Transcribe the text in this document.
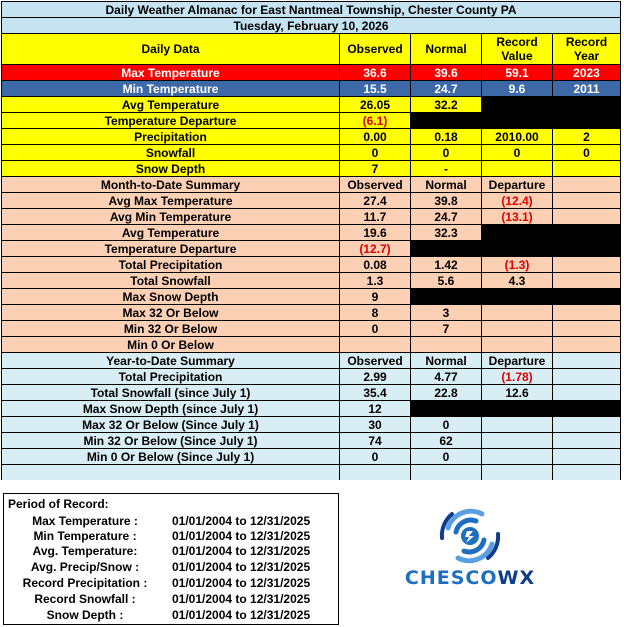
Daily Weather Almanac for East Nantmeal Township, Chester County PA				
Tuesday, February 10, 2026				
Daily Data	Observed	Normal	Record Value	Record Year
Max Temperature	36.6	39.6	59.1	2023
Min Temperature	15.5	24.7	9.6	2011
Avg Temperature	26.05	32.2		
Temperature Departure	(6.1)			
Precipitation	0.00	0.18	2010.00	2
Snowfall	0	0	0	0
Snow Depth	7	-		
Month-to-Date Summary	Observed	Normal	Departure	
Avg Max Temperature	27.4	39.8	(12.4)	
Avg Min Temperature	11.7	24.7	(13.1)	
Avg Temperature	19.6	32.3		
Temperature Departure	(12.7)			
Total Precipitation	0.08	1.42	(1.3)	
Total Snowfall	1.3	5.6	4.3	
Max Snow Depth	9			
Max 32 Or Below	8	3		
Min 32 Or Below	0	7		
Min 0 Or Below				
Year-to-Date Summary	Observed	Normal	Departure	
Total Precipitation	2.99	4.77	(1.78)	
Total Snowfall (since July 1)	35.4	22.8	12.6	
Max Snow Depth (since July 1)	12			
Max 32 Or Below (Since July 1)	30	0		
Min 32 Or Below (Since July 1)	74	62		
Min 0 Or Below (Since July 1)	0	0		

Period of Record:
Max Temperature :	01/01/2004 to 12/31/2025
Min Temperature :	01/01/2004 to 12/31/2025
Avg. Temperature:	01/01/2004 to 12/31/2025
Avg. Precip/Snow :	01/01/2004 to 12/31/2025
Record Precipitation :	01/01/2004 to 12/31/2025
Record Snowfall :	01/01/2004 to 12/31/2025
Snow Depth :	01/01/2004 to 12/31/2025
CHESCOWX
